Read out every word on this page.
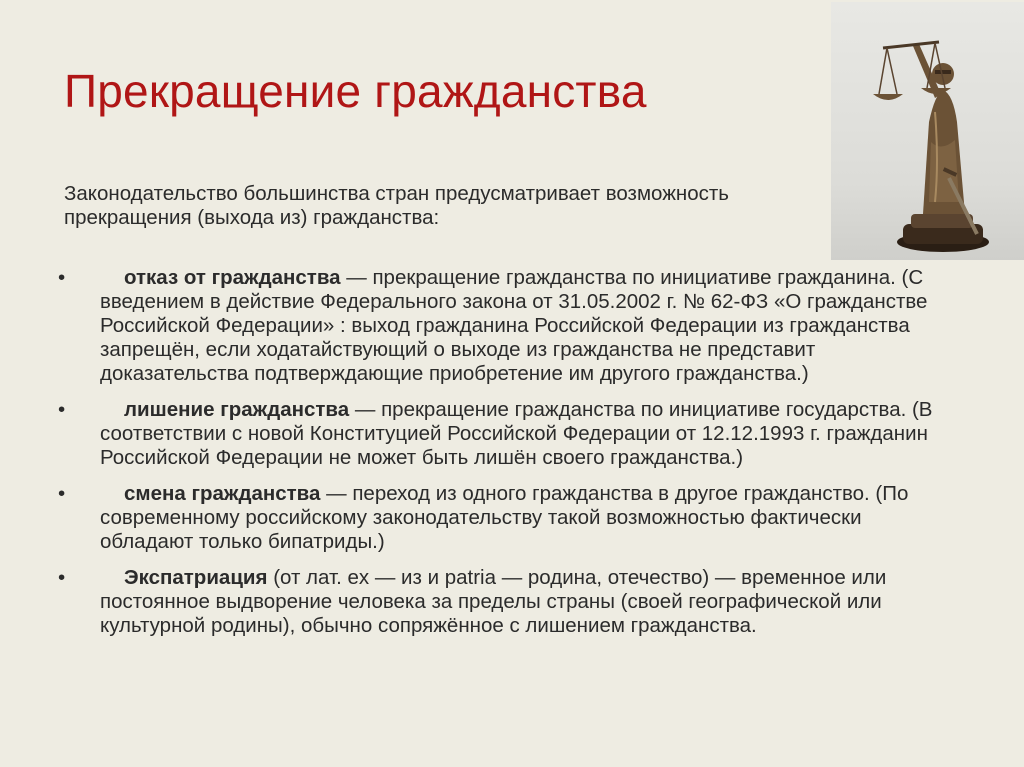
Прекращение гражданства
Законодательство большинства стран предусматривает возможность прекращения (выхода из) гражданства:
•	отказ от гражданства — прекращение гражданства по инициативе гражданина. (С введением в действие Федерального закона от 31.05.2002 г. № 62-ФЗ «О гражданстве Российской Федерации» : выход гражданина Российской Федерации из гражданства запрещён, если ходатайствующий о выходе из гражданства не представит доказательства подтверждающие приобретение им другого гражданства.)
•	лишение гражданства — прекращение гражданства по инициативе государства. (В соответствии с новой Конституцией Российской Федерации от 12.12.1993 г. гражданин Российской Федерации не может быть лишён своего гражданства.)
•	смена гражданства — переход из одного гражданства в другое гражданство. (По современному российскому законодательству такой возможностью фактически обладают только бипатриды.)
•	Экспатриация (от лат. ex — из и patria — родина, отечество) — временное или постоянное выдворение человека за пределы страны (своей географической или культурной родины), обычно сопряжённое с лишением гражданства.
